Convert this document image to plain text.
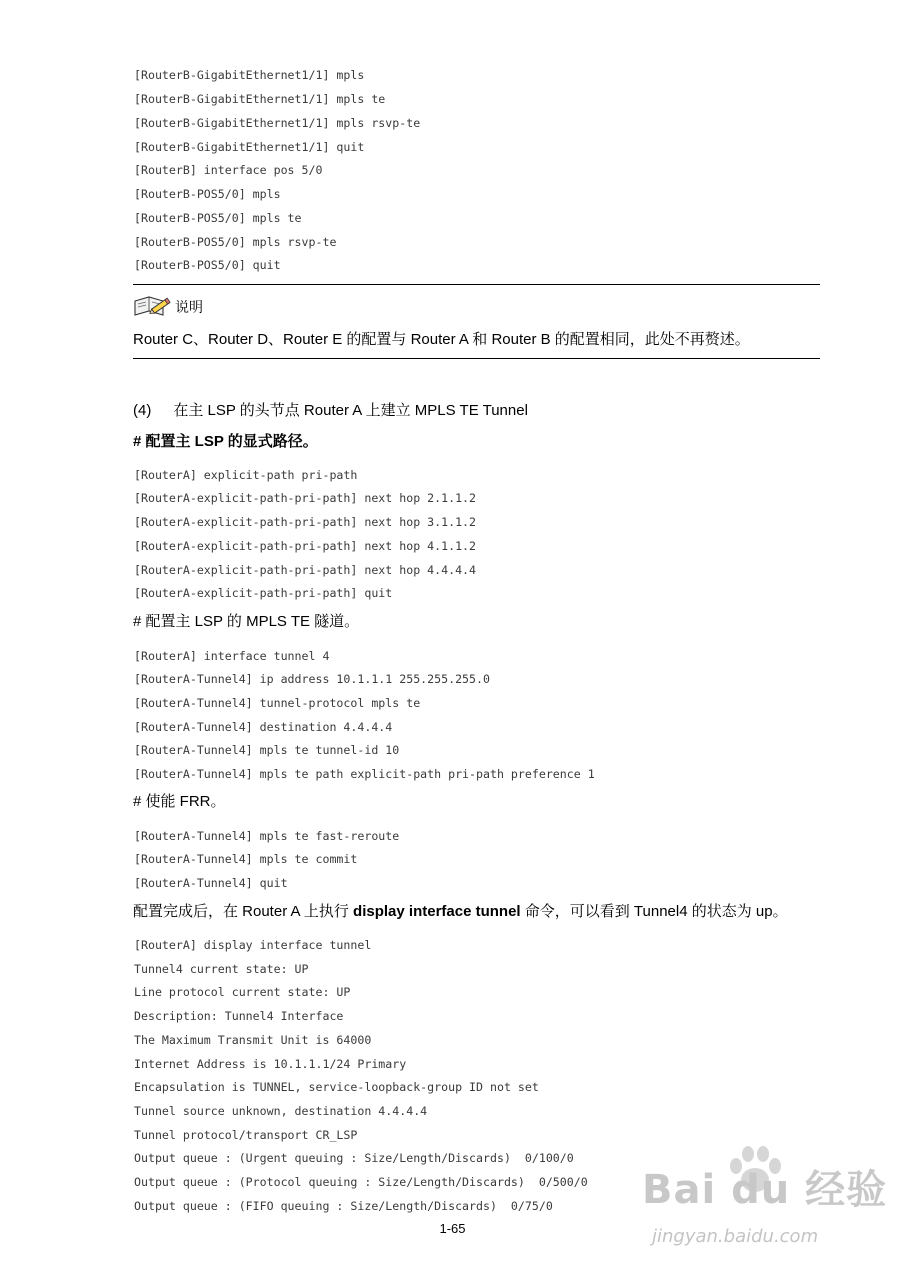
[RouterB-GigabitEthernet1/1] mpls
[RouterB-GigabitEthernet1/1] mpls te
[RouterB-GigabitEthernet1/1] mpls rsvp-te
[RouterB-GigabitEthernet1/1] quit
[RouterB] interface pos 5/0
[RouterB-POS5/0] mpls
[RouterB-POS5/0] mpls te
[RouterB-POS5/0] mpls rsvp-te
[RouterB-POS5/0] quit
说明
Router C、Router D、Router E 的配置与 Router A 和 Router B 的配置相同，此处不再赘述。
(4) 在主 LSP 的头节点 Router A 上建立 MPLS TE Tunnel
# 配置主 LSP 的显式路径。
[RouterA] explicit-path pri-path
[RouterA-explicit-path-pri-path] next hop 2.1.1.2
[RouterA-explicit-path-pri-path] next hop 3.1.1.2
[RouterA-explicit-path-pri-path] next hop 4.1.1.2
[RouterA-explicit-path-pri-path] next hop 4.4.4.4
[RouterA-explicit-path-pri-path] quit
# 配置主 LSP 的 MPLS TE 隧道。
[RouterA] interface tunnel 4
[RouterA-Tunnel4] ip address 10.1.1.1 255.255.255.0
[RouterA-Tunnel4] tunnel-protocol mpls te
[RouterA-Tunnel4] destination 4.4.4.4
[RouterA-Tunnel4] mpls te tunnel-id 10
[RouterA-Tunnel4] mpls te path explicit-path pri-path preference 1
# 使能 FRR。
[RouterA-Tunnel4] mpls te fast-reroute
[RouterA-Tunnel4] mpls te commit
[RouterA-Tunnel4] quit
配置完成后，在 Router A 上执行 display interface tunnel 命令，可以看到 Tunnel4 的状态为 up。
[RouterA] display interface tunnel
Tunnel4 current state: UP
Line protocol current state: UP
Description: Tunnel4 Interface
The Maximum Transmit Unit is 64000
Internet Address is 10.1.1.1/24 Primary
Encapsulation is TUNNEL, service-loopback-group ID not set
Tunnel source unknown, destination 4.4.4.4
Tunnel protocol/transport CR_LSP
Output queue : (Urgent queuing : Size/Length/Discards)  0/100/0
Output queue : (Protocol queuing : Size/Length/Discards)  0/500/0
Output queue : (FIFO queuing : Size/Length/Discards)  0/75/0 Bai du 经验
jingyan.baidu.com
1-65
